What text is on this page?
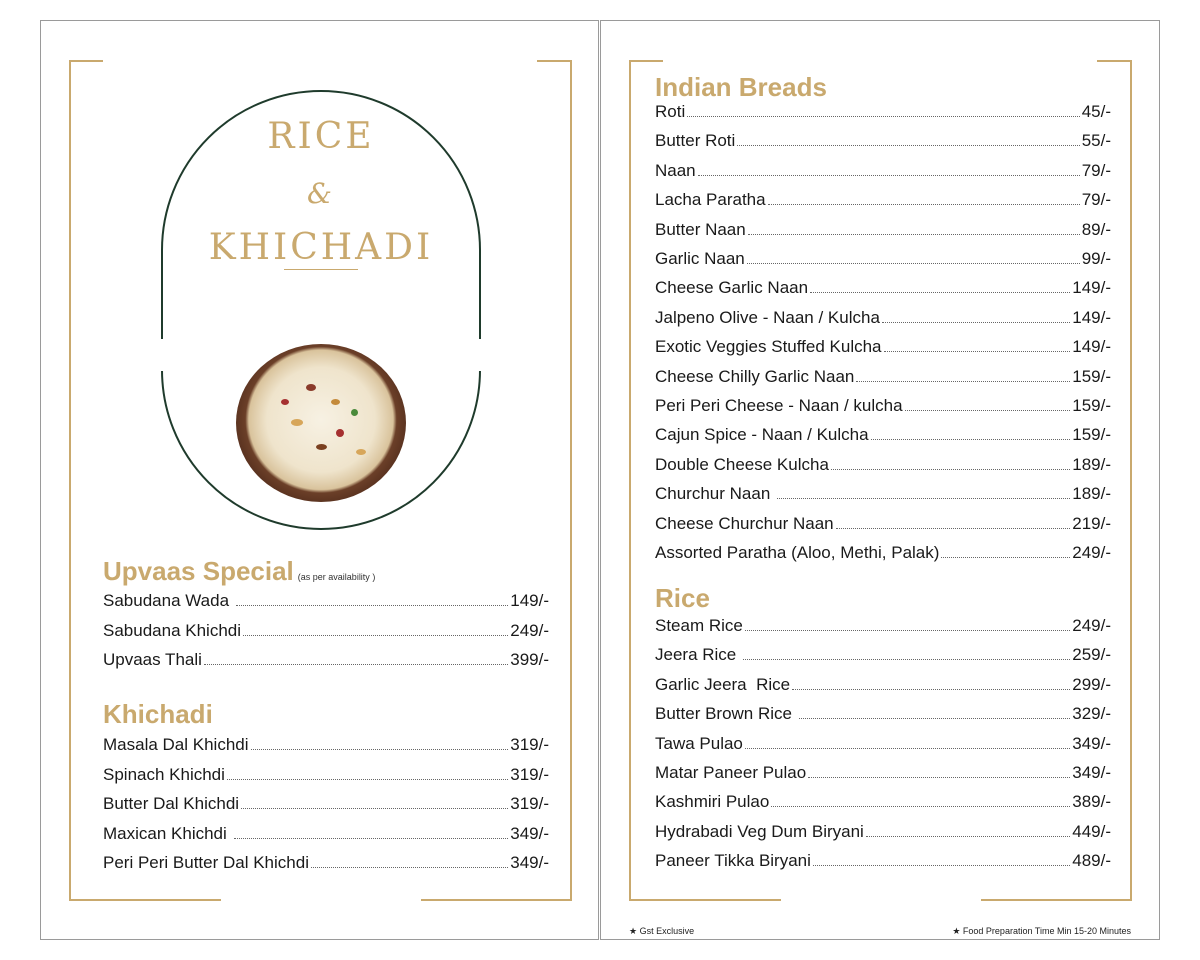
RICE
&
KHICHADI
Upvaas Special (as per availability )
Sabudana Wada	149/-
Sabudana Khichdi	249/-
Upvaas Thali	399/-
Khichadi
Masala Dal Khichdi	319/-
Spinach Khichdi	319/-
Butter Dal Khichdi	319/-
Maxican Khichdi	349/-
Peri Peri Butter Dal Khichdi	349/-
Indian Breads
Roti	45/-
Butter Roti	55/-
Naan	79/-
Lacha Paratha	79/-
Butter Naan	89/-
Garlic Naan	99/-
Cheese Garlic Naan	149/-
Jalpeno Olive - Naan / Kulcha	149/-
Exotic Veggies Stuffed Kulcha	149/-
Cheese Chilly Garlic Naan	159/-
Peri Peri Cheese - Naan / kulcha	159/-
Cajun Spice - Naan / Kulcha	159/-
Double Cheese Kulcha	189/-
Churchur Naan	189/-
Cheese Churchur Naan	219/-
Assorted Paratha (Aloo, Methi, Palak)	249/-
Rice
Steam Rice	249/-
Jeera Rice	259/-
Garlic Jeera  Rice	299/-
Butter Brown Rice	329/-
Tawa Pulao	349/-
Matar Paneer Pulao	349/-
Kashmiri Pulao	389/-
Hydrabadi Veg Dum Biryani	449/-
Paneer Tikka Biryani	489/-
★ Gst Exclusive	★ Food Preparation Time Min 15-20 Minutes
